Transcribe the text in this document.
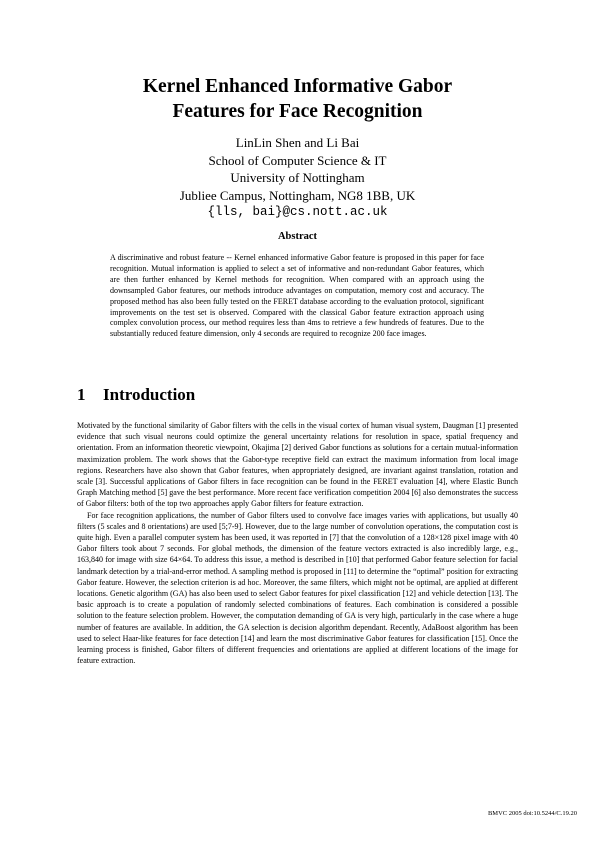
Kernel Enhanced Informative Gabor
Features for Face Recognition
LinLin Shen and Li Bai
School of Computer Science & IT
University of Nottingham
Jubliee Campus, Nottingham, NG8 1BB, UK
{lls, bai}@cs.nott.ac.uk
Abstract
A discriminative and robust feature -- Kernel enhanced informative Gabor feature is proposed in this paper for face recognition. Mutual information is applied to select a set of informative and non-redundant Gabor features, which are then further enhanced by Kernel methods for recognition. When compared with an approach using the downsampled Gabor features, our methods introduce advantages on computation, memory cost and accuracy. The proposed method has also been fully tested on the FERET database according to the evaluation protocol, significant improvements on the test set is observed. Compared with the classical Gabor feature extraction approach using complex convolution process, our method requires less than 4ms to retrieve a few hundreds of features. Due to the substantially reduced feature dimension, only 4 seconds are required to recognize 200 face images.
1 Introduction

Motivated by the functional similarity of Gabor filters with the cells in the visual cortex of human visual system, Daugman [1] presented evidence that such visual neurons could optimize the general uncertainty relations for resolution in space, spatial frequency and orientation. From an information theoretic viewpoint, Okajima [2] derived Gabor functions as solutions for a certain mutual-information maximization problem. The work shows that the Gabor-type receptive field can extract the maximum information from local image regions. Researchers have also shown that Gabor features, when appropriately designed, are invariant against translation, rotation and scale [3]. Successful applications of Gabor filters in face recognition can be found in the FERET evaluation [4], where Elastic Bunch Graph Matching method [5] gave the best performance. More recent face verification competition 2004 [6] also demonstrates the success of Gabor filters: both of the top two approaches apply Gabor filters for feature extraction.

For face recognition applications, the number of Gabor filters used to convolve face images varies with applications, but usually 40 filters (5 scales and 8 orientations) are used [5;7-9]. However, due to the large number of convolution operations, the computation cost is quite high. Even a parallel computer system has been used, it was reported in [7] that the convolution of a 128×128 pixel image with 40 Gabor filters took about 7 seconds. For global methods, the dimension of the feature vectors extracted is also incredibly large, e.g., 163,840 for image with size 64×64. To address this issue, a method is described in [10] that performed Gabor feature selection for facial landmark detection by a trial-and-error method. A sampling method is proposed in [11] to determine the “optimal” position for extracting Gabor feature. However, the selection criterion is ad hoc. Moreover, the same filters, which might not be optimal, are applied at different locations. Genetic algorithm (GA) has also been used to select Gabor features for pixel classification [12] and vehicle detection [13]. The basic approach is to create a population of randomly selected combinations of features. Each combination is considered a possible solution to the feature selection problem. However, the computation demanding of GA is very high, particularly in the case where a huge number of features are available. In addition, the GA selection is decision algorithm dependant. Recently, AdaBoost algorithm has been used to select Haar-like features for face detection [14] and learn the most discriminative Gabor features for classification [15]. Once the learning process is finished, Gabor filters of different frequencies and orientations are applied at different locations of the image for feature extraction.

BMVC 2005 doi:10.5244/C.19.20
